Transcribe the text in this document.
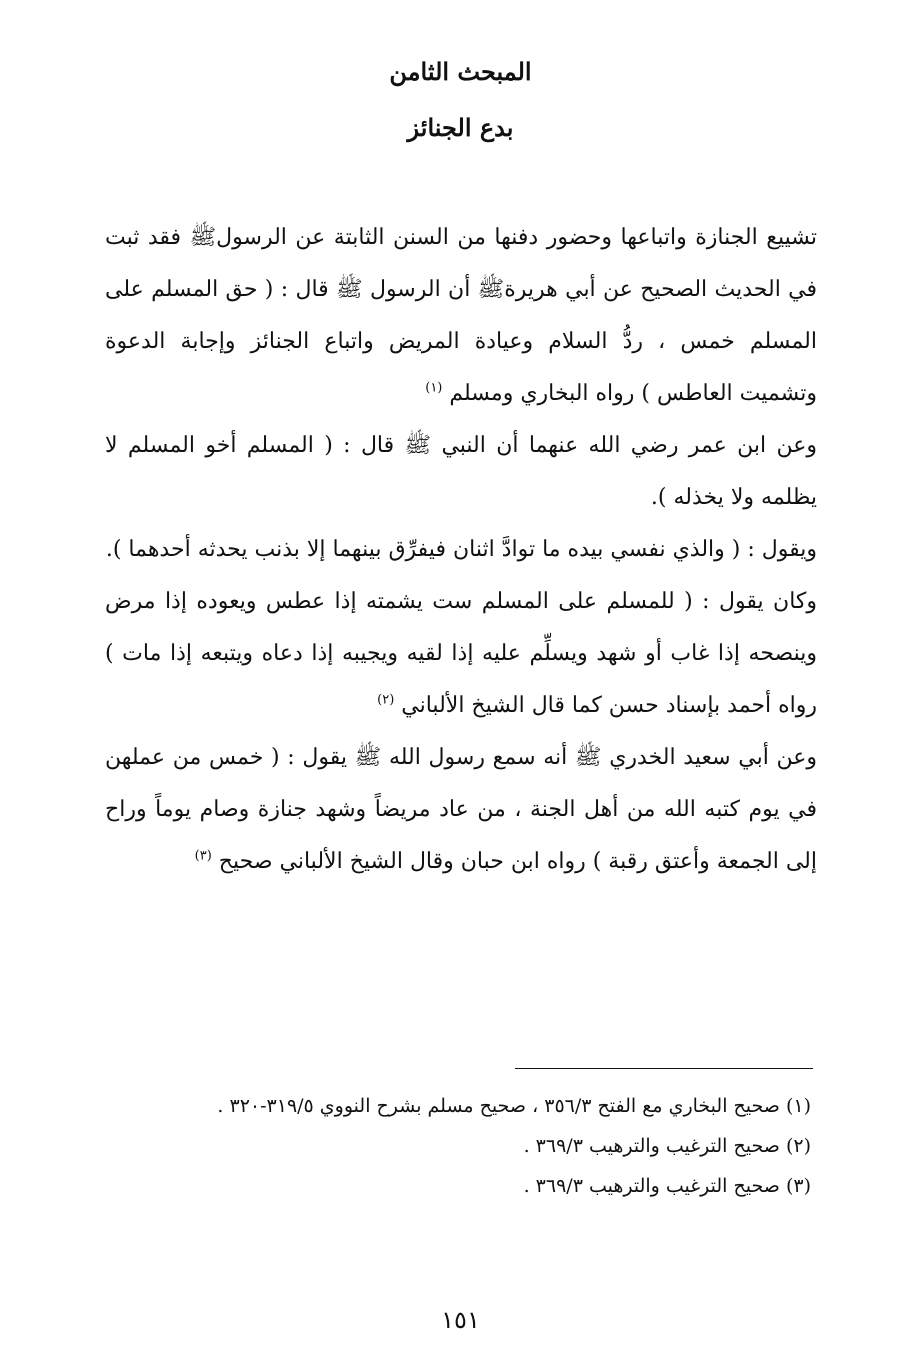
المبحث الثامن
بدع الجنائز

تشييع الجنازة واتباعها وحضور دفنها من السنن الثابتة عن الرسولﷺ فقد ثبت في الحديث الصحيح عن أبي هريرةﷺ أن الرسول ﷺ قال : ( حق المسلم على المسلم خمس ، ردُّ السلام وعيادة المريض واتباع الجنائز وإجابة الدعوة وتشميت العاطس ) رواه البخاري ومسلم $^{(١)}$

وعن ابن عمر رضي الله عنهما أن النبي ﷺ قال : ( المسلم أخو المسلم لا يظلمه ولا يخذله ).

ويقول : ( والذي نفسي بيده ما توادَّ اثنان فيفرِّق بينهما إلا بذنب يحدثه أحدهما ).

وكان يقول : ( للمسلم على المسلم ست يشمته إذا عطس ويعوده إذا مرض وينصحه إذا غاب أو شهد ويسلِّم عليه إذا لقيه ويجيبه إذا دعاه ويتبعه إذا مات ) رواه أحمد بإسناد حسن كما قال الشيخ الألباني $^{(٢)}$

وعن أبي سعيد الخدري ﷺ أنه سمع رسول الله ﷺ يقول : ( خمس من عملهن في يوم كتبه الله من أهل الجنة ، من عاد مريضاً وشهد جنازة وصام يوماً وراح إلى الجمعة وأعتق رقبة ) رواه ابن حبان وقال الشيخ الألباني صحيح $^{(٣)}$

(١) صحيح البخاري مع الفتح ٣٥٦/٣ ، صحيح مسلم بشرح النووي ٣١٩/٥-٣٢٠ .

(٢) صحيح الترغيب والترهيب ٣٦٩/٣ .

(٣) صحيح الترغيب والترهيب ٣٦٩/٣ .

١٥١
